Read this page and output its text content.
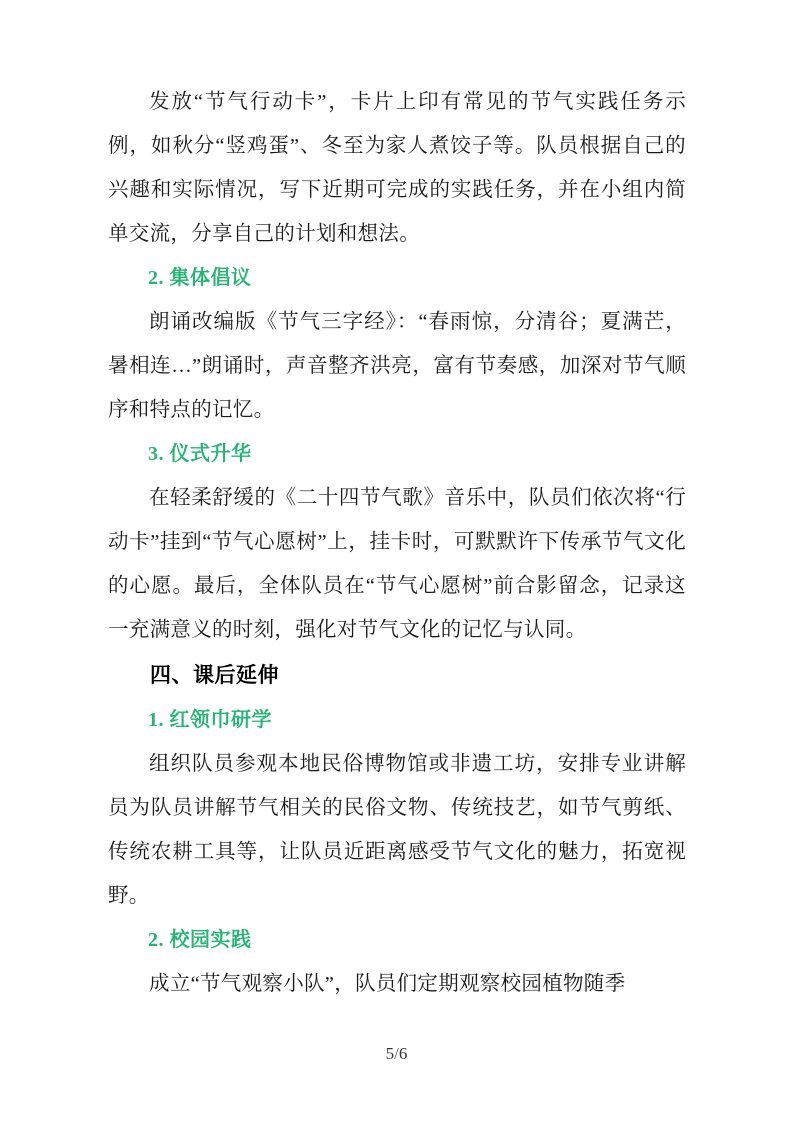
发放“节气行动卡”，卡片上印有常见的节气实践任务示例，如秋分“竖鸡蛋”、冬至为家人煮饺子等。队员根据自己的兴趣和实际情况，写下近期可完成的实践任务，并在小组内简单交流，分享自己的计划和想法。

2. 集体倡议

朗诵改编版《节气三字经》：“春雨惊，分清谷；夏满芒，暑相连…”朗诵时，声音整齐洪亮，富有节奏感，加深对节气顺序和特点的记忆。

3. 仪式升华

在轻柔舒缓的《二十四节气歌》音乐中，队员们依次将“行动卡”挂到“节气心愿树”上，挂卡时，可默默许下传承节气文化的心愿。最后，全体队员在“节气心愿树”前合影留念，记录这一充满意义的时刻，强化对节气文化的记忆与认同。

四、课后延伸
1. 红领巾研学

组织队员参观本地民俗博物馆或非遗工坊，安排专业讲解员为队员讲解节气相关的民俗文物、传统技艺，如节气剪纸、传统农耕工具等，让队员近距离感受节气文化的魅力，拓宽视野。

2. 校园实践

成立“节气观察小队”，队员们定期观察校园植物随季

5/6
